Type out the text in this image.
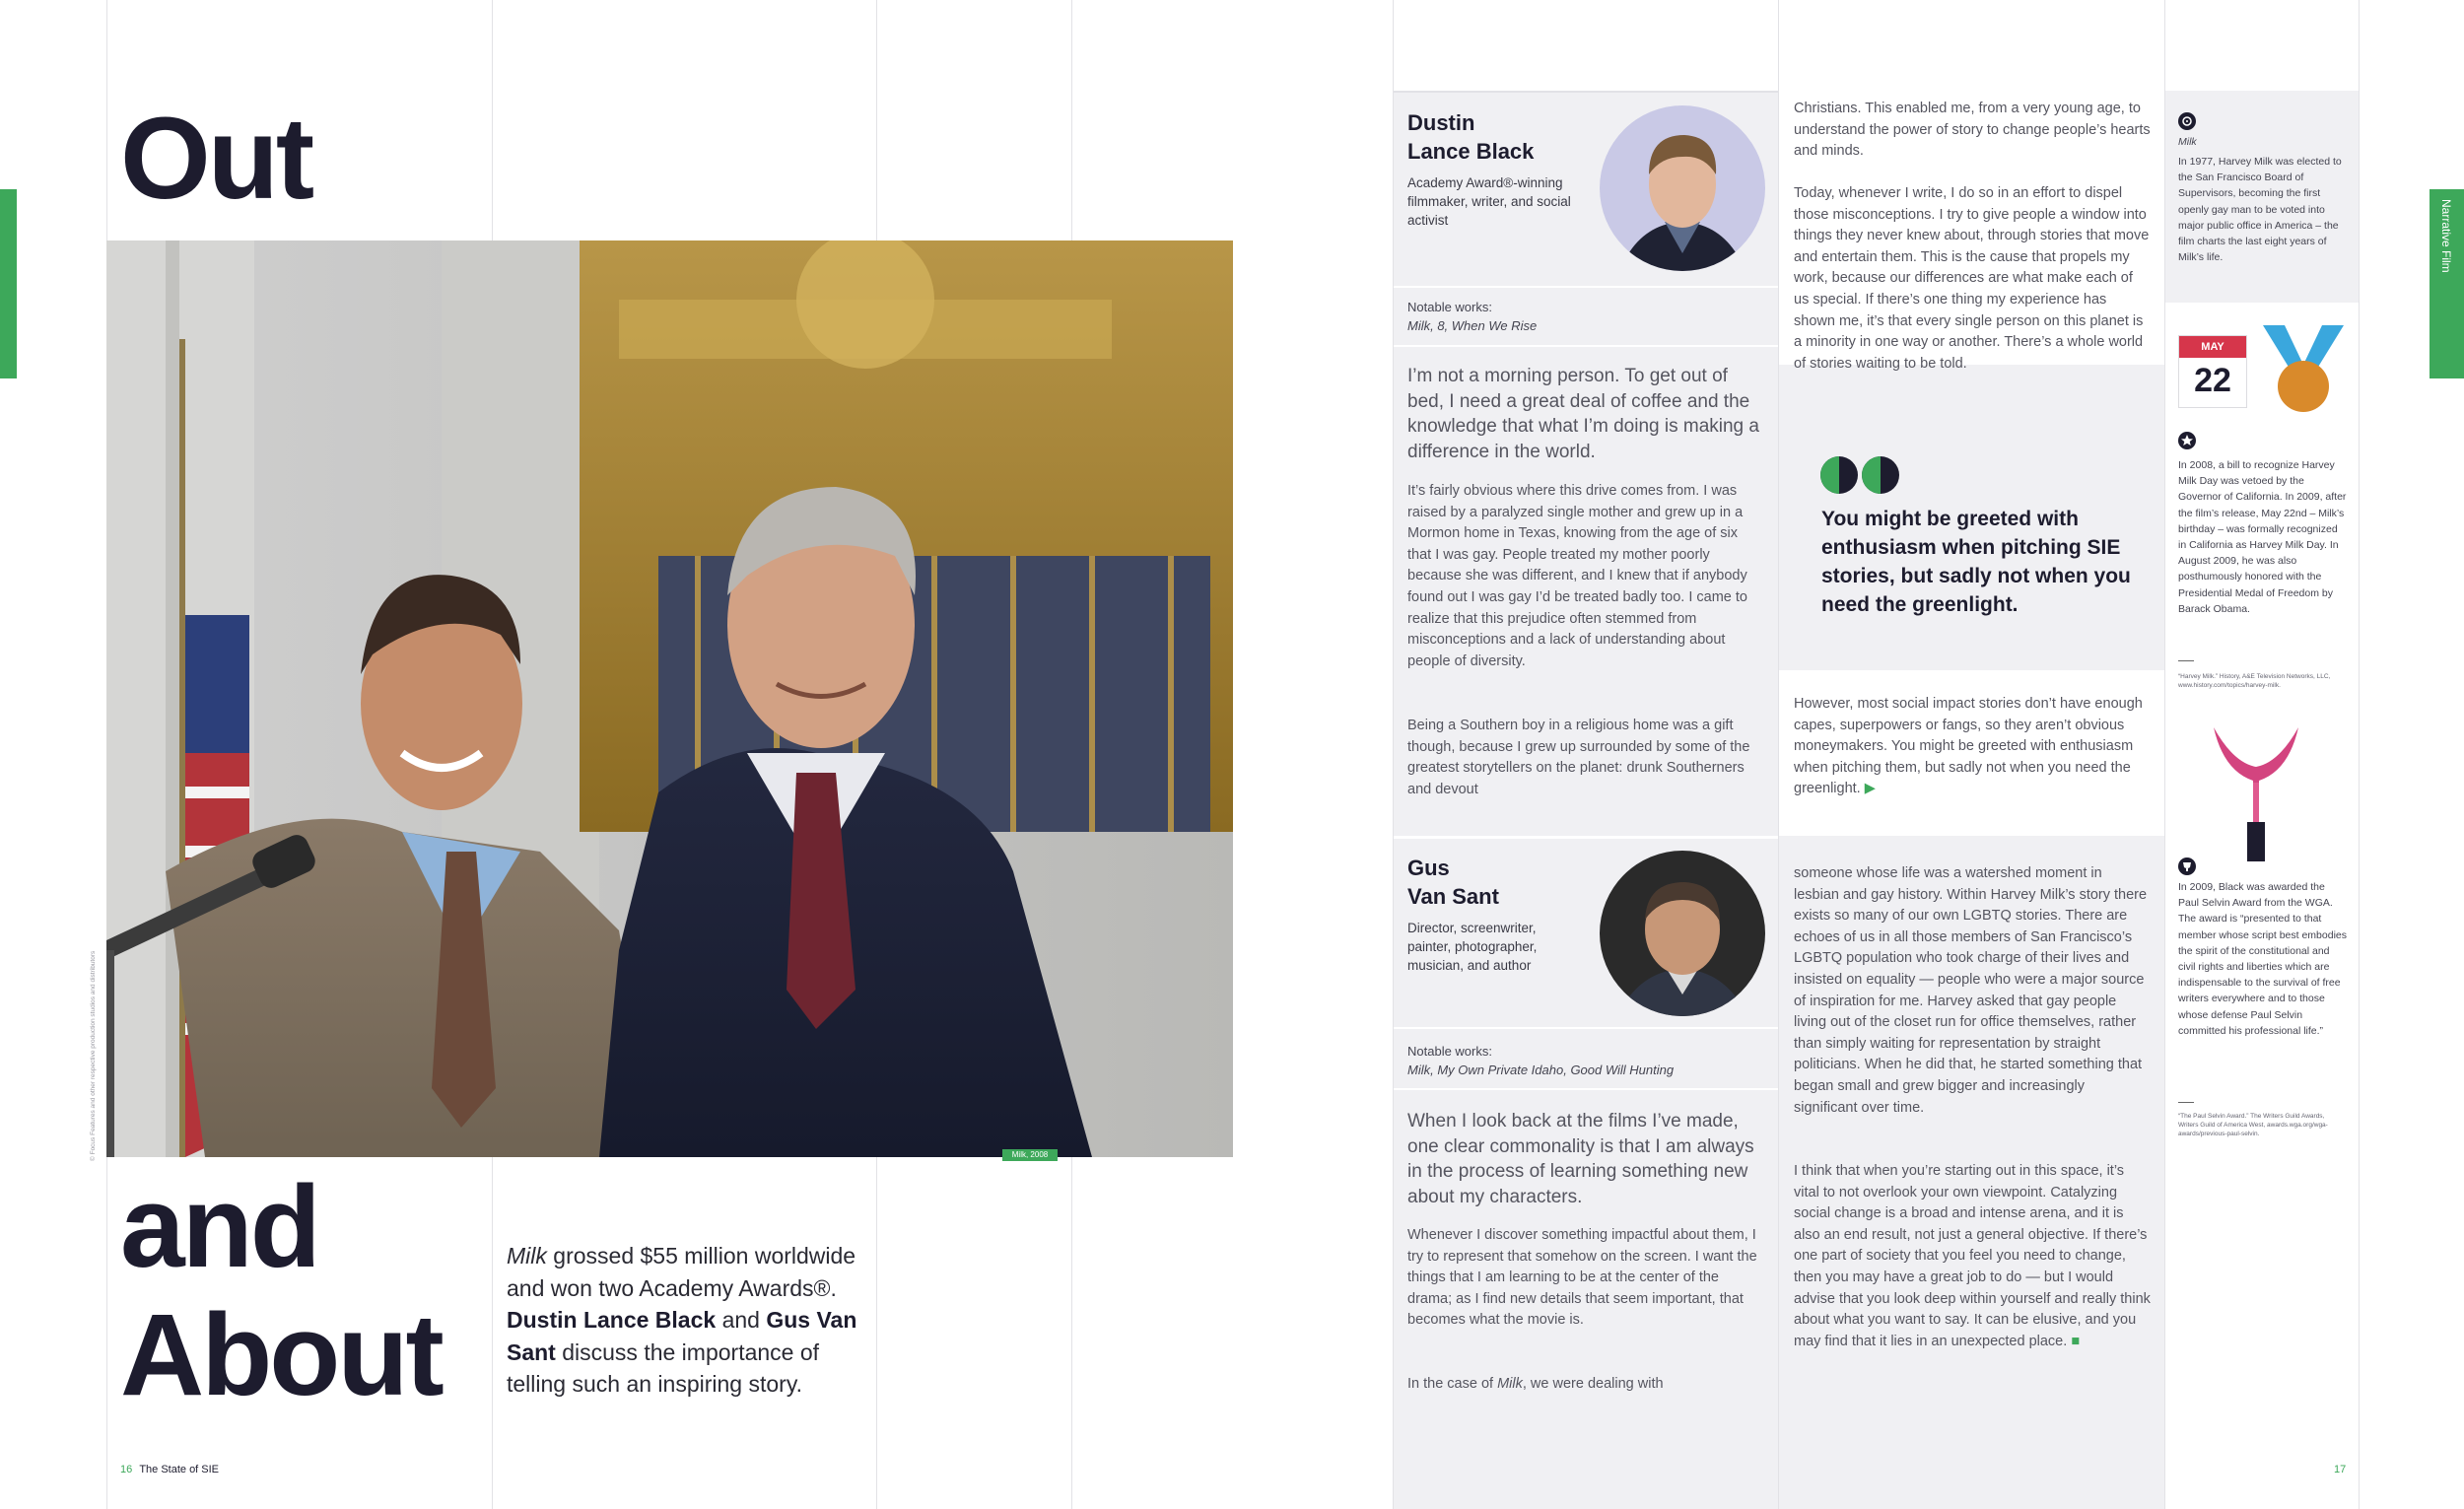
Narrative Film
Out
and
About
Milk, 2008
© Focus Features and other respective production studios and distributors
Milk grossed $55 million worldwide and won two Academy Awards®. Dustin Lance Black and Gus Van Sant discuss the importance of telling such an inspiring story.
16 The State of SIE
Dustin
Lance Black
Academy Award®-winning filmmaker, writer, and social activist
Notable works:
Milk, 8, When We Rise
I’m not a morning person. To get out of bed, I need a great deal of coffee and the knowledge that what I’m doing is making a difference in the world.
It’s fairly obvious where this drive comes from. I was raised by a paralyzed single mother and grew up in a Mormon home in Texas, knowing from the age of six that I was gay. People treated my mother poorly because she was different, and I knew that if anybody found out I was gay I’d be treated badly too. I came to realize that this prejudice often stemmed from misconceptions and a lack of understanding about people of diversity.
Being a Southern boy in a religious home was a gift though, because I grew up surrounded by some of the greatest storytellers on the planet: drunk Southerners and devout
Christians. This enabled me, from a very young age, to understand the power of story to change people’s hearts and minds.
Today, whenever I write, I do so in an effort to dispel those misconceptions. I try to give people a window into things they never knew about, through stories that move and entertain them. This is the cause that propels my work, because our differences are what make each of us special. If there’s one thing my experience has shown me, it’s that every single person on this planet is a minority in one way or another. There’s a whole world of stories waiting to be told.
You might be greeted with enthusiasm when pitching SIE stories, but sadly not when you need the greenlight.
However, most social impact stories don’t have enough capes, superpowers or fangs, so they aren’t obvious moneymakers. You might be greeted with enthusiasm when pitching them, but sadly not when you need the greenlight. ▶
Gus
Van Sant
Director, screenwriter, painter, photographer, musician, and author
Notable works:
Milk, My Own Private Idaho, Good Will Hunting
When I look back at the films I’ve made, one clear commonality is that I am always in the process of learning something new about my characters.
Whenever I discover something impactful about them, I try to represent that somehow on the screen. I want the things that I am learning to be at the center of the drama; as I find new details that seem important, that becomes what the movie is.
In the case of Milk, we were dealing with
someone whose life was a watershed moment in lesbian and gay history. Within Harvey Milk’s story there exists so many of our own LGBTQ stories. There are echoes of us in all those members of San Francisco’s LGBTQ population who took charge of their lives and insisted on equality — people who were a major source of inspiration for me. Harvey asked that gay people living out of the closet run for office themselves, rather than simply waiting for representation by straight politicians. When he did that, he started something that began small and grew bigger and increasingly significant over time.
I think that when you’re starting out in this space, it’s vital to not overlook your own viewpoint. Catalyzing social change is a broad and intense arena, and it is also an end result, not just a general objective. If there’s one part of society that you feel you need to change, then you may have a great job to do — but I would advise that you look deep within yourself and really think about what you want to say. It can be elusive, and you may find that it lies in an unexpected place. ■
Milk
In 1977, Harvey Milk was elected to the San Francisco Board of Supervisors, becoming the first openly gay man to be voted into major public office in America – the film charts the last eight years of Milk’s life.
MAY
22
In 2008, a bill to recognize Harvey Milk Day was vetoed by the Governor of California. In 2009, after the film’s release, May 22nd – Milk’s birthday – was formally recognized in California as Harvey Milk Day. In August 2009, he was also posthumously honored with the Presidential Medal of Freedom by Barack Obama.
“Harvey Milk.” History, A&E Television Networks, LLC, www.history.com/topics/harvey-milk.
In 2009, Black was awarded the Paul Selvin Award from the WGA. The award is “presented to that member whose script best embodies the spirit of the constitutional and civil rights and liberties which are indispensable to the survival of free writers everywhere and to those whose defense Paul Selvin committed his professional life.”
“The Paul Selvin Award.” The Writers Guild Awards, Writers Guild of America West, awards.wga.org/wga-awards/previous-paul-selvin.
17
